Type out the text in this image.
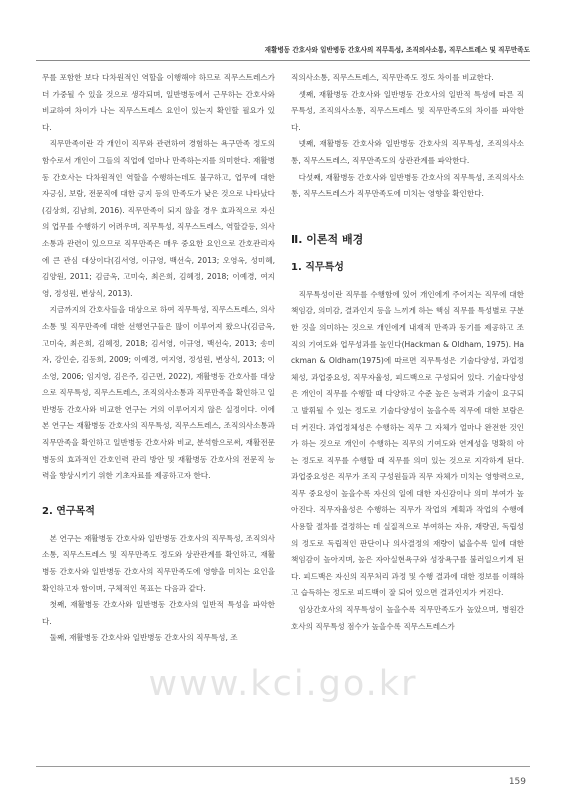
재활병동 간호사와 일반병동 간호사의 직무특성, 조직의사소통, 직무스트레스 및 직무만족도

무를 포함한 보다 다차원적인 역할을 이행해야 하므로 직무스트레스가 더 가중될 수 있을 것으로 생각되며, 일반병동에서 근무하는 간호사와 비교하여 차이가 나는 직무스트레스 요인이 있는지 확인할 필요가 있다.

직무만족이란 각 개인이 직무와 관련하여 경험하는 욕구만족 정도의 함수로서 개인이 그들의 직업에 얼마나 만족하는지를 의미한다. 재활병동 간호사는 다차원적인 역할을 수행하는데도 불구하고, 업무에 대한 자긍심, 보람, 전문직에 대한 긍지 등의 만족도가 낮은 것으로 나타났다(김상희, 김남희, 2016). 직무만족이 되지 않을 경우 효과적으로 자신의 업무를 수행하기 어려우며, 직무특성, 직무스트레스, 역할갈등, 의사소통과 관련이 있으므로 직무만족은 매우 중요한 요인으로 간호관리자에 큰 관심 대상이다(김서영, 이규영, 백선숙, 2013; 오영옥, 성미혜, 김양원, 2011; 김금옥, 고미숙, 최은희, 김혜정, 2018; 이예경, 여지영, 정성원, 변상식, 2013).

지금까지의 간호사들을 대상으로 하여 직무특성, 직무스트레스, 의사소통 및 직무만족에 대한 선행연구들은 많이 이루어져 왔으나(김금옥, 고미숙, 최은희, 김혜정, 2018; 김서영, 이규영, 백선숙, 2013; 송미자, 강인순, 김동희, 2009; 이예경, 여지영, 정성원, 변상식, 2013; 이소영, 2006; 임지영, 김은주, 김근면, 2022), 재활병동 간호사를 대상으로 직무특성, 직무스트레스, 조직의사소통과 직무만족을 확인하고 일반병동 간호사와 비교한 연구는 거의 이루어지지 않은 실정이다. 이에 본 연구는 재활병동 간호사의 직무특성, 직무스트레스, 조직의사소통과 직무만족을 확인하고 일반병동 간호사와 비교, 분석함으로써, 재활전문병동의 효과적인 간호인력 관리 방안 및 재활병동 간호사의 전문직 능력을 향상시키기 위한 기초자료를 제공하고자 한다.

2. 연구목적

본 연구는 재활병동 간호사와 일반병동 간호사의 직무특성, 조직의사소통, 직무스트레스 및 직무만족도 정도와 상관관계를 확인하고, 재활병동 간호사와 일반병동 간호사의 직무만족도에 영향을 미치는 요인을 확인하고자 함이며, 구체적인 목표는 다음과 같다.

첫째, 재활병동 간호사와 일반병동 간호사의 일반적 특성을 파악한다.

둘째, 재활병동 간호사와 일반병동 간호사의 직무특성, 조

직의사소통, 직무스트레스, 직무만족도 정도 차이를 비교한다.

셋째, 재활병동 간호사와 일반병동 간호사의 일반적 특성에 따른 직무특성, 조직의사소통, 직무스트레스 및 직무만족도의 차이를 파악한다.

넷째, 재활병동 간호사와 일반병동 간호사의 직무특성, 조직의사소통, 직무스트레스, 직무만족도의 상관관계를 파악한다.

다섯째, 재활병동 간호사와 일반병동 간호사의 직무특성, 조직의사소통, 직무스트레스가 직무만족도에 미치는 영향을 확인한다.

Ⅱ. 이론적 배경
1. 직무특성

직무특성이란 직무를 수행함에 있어 개인에게 주어지는 직무에 대한 책임감, 의미감, 결과인지 등을 느끼게 하는 핵심 직무를 특성별로 구분한 것을 의미하는 것으로 개인에게 내재적 만족과 동기를 제공하고 조직의 기여도와 업무성과를 높인다(Hackman & Oldham, 1975). Hackman & Oldham(1975)에 따르면 직무특성은 기술다양성, 과업정체성, 과업중요성, 직무자율성, 피드백으로 구성되어 있다. 기술다양성은 개인이 직무를 수행할 때 다양하고 수준 높은 능력과 기술이 요구되고 발휘될 수 있는 정도로 기술다양성이 높을수록 직무에 대한 보람은 더 커진다. 과업정체성은 수행하는 직무 그 자체가 얼마나 완전한 것인가 하는 것으로 개인이 수행하는 직무의 기여도와 연계성을 명확히 아는 정도로 직무를 수행할 때 직무를 의미 있는 것으로 지각하게 된다. 과업중요성은 직무가 조직 구성원들과 직무 자체가 미치는 영향력으로, 직무 중요성이 높을수록 자신의 일에 대한 자신감이나 의미 부여가 높아진다. 직무자율성은 수행하는 직무가 작업의 계획과 작업의 수행에 사용할 절차를 결정하는 데 실질적으로 부여하는 자유, 재량권, 독립성의 정도로 독립적인 판단이나 의사결정의 재량이 넓을수록 일에 대한 책임감이 높아지며, 높은 자아실현욕구와 성장욕구를 불러일으키게 된다. 피드백은 자신의 직무처리 과정 및 수행 결과에 대한 정보를 이해하고 습득하는 정도로 피드백이 잘 되어 있으면 결과인지가 커진다.

임상간호사의 직무특성이 높을수록 직무만족도가 높았으며, 병원간호사의 직무특성 점수가 높을수록 직무스트레스가

www.kci.go.kr
159
